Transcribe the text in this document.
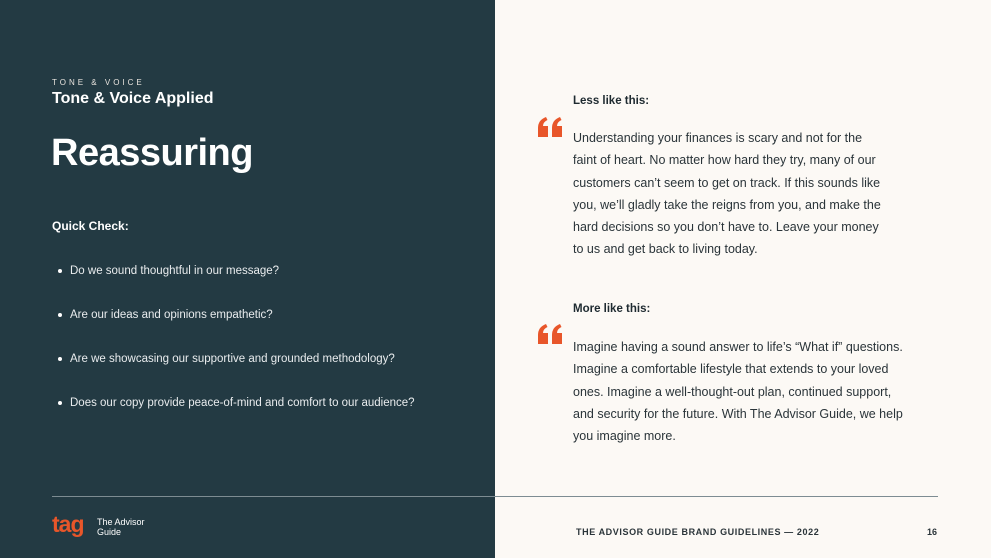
TONE & VOICE
Tone & Voice Applied
Reassuring
Quick Check:
Do we sound thoughtful in our message?
Are our ideas and opinions empathetic?
Are we showcasing our supportive and grounded methodology?
Does our copy provide peace-of-mind and comfort to our audience?
tag The Advisor
Guide
Less like this:
Understanding your finances is scary and not for the
faint of heart. No matter how hard they try, many of our
customers can’t seem to get on track. If this sounds like
you, we’ll gladly take the reigns from you, and make the
hard decisions so you don’t have to. Leave your money
to us and get back to living today.
More like this:
Imagine having a sound answer to life’s “What if” questions.
Imagine a comfortable lifestyle that extends to your loved
ones. Imagine a well-thought-out plan, continued support,
and security for the future. With The Advisor Guide, we help
you imagine more.
THE ADVISOR GUIDE BRAND GUIDELINES — 2022	16
